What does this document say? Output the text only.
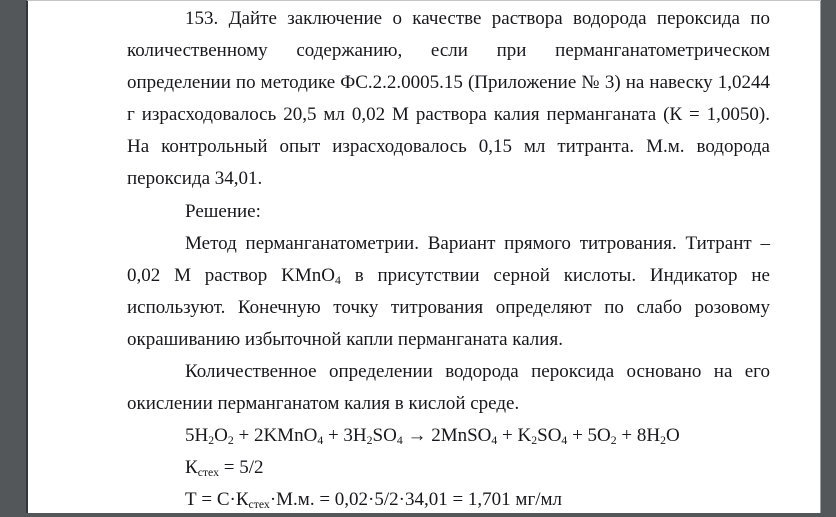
153. Дайте заключение о качестве раствора водорода пероксида по
количественному содержанию, если при перманганатометрическом
определении по методике ФС.2.2.0005.15 (Приложение № 3) на навеску 1,0244
г израсходовалось 20,5 мл 0,02 М раствора калия перманганата (К = 1,0050).
На контрольный опыт израсходовалось 0,15 мл титранта. М.м. водорода
пероксида 34,01.
Решение:
Метод перманганатометрии. Вариант прямого титрования. Титрант –
0,02 М раствор KMnO$_4$ в присутствии серной кислоты. Индикатор не
используют. Конечную точку титрования определяют по слабо розовому
окрашиванию избыточной капли перманганата калия.
Количественное определении водорода пероксида основано на его
окислении перманганатом калия в кислой среде.
$5H_2O_2$ + 2KMnO$_4$ + $3H_2SO_4$ → 2MnSO$_4$ + $K_2SO_4 + 5O_2 + 8H_2O$
$К_{стех} = 5/2$
$Т = С\cdot К_{стех}\cdot М.м$. = 0,02·5/2·34,01 = 1,701 мг/мл
